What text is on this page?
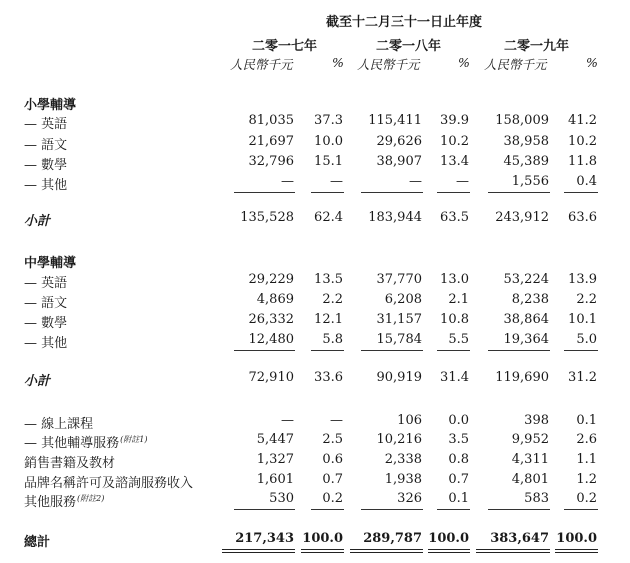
截至十二月三十一日止年度
二零一七年	二零一八年	二零一九年
人民幣千元	% 人民幣千元	% 人民幣千元	%
小學輔導
— 英語	81,035 37.3 115,411 39.9 158,009 41.2
— 語文	21,697 10.0	29,626 10.2	38,958 10.2
— 數學	32,796 15.1	38,907 13.4	45,389 11.8
— 其他	—	—	—	—	1,556 0.4
小計	135,528 62.4 183,944 63.5 243,912 63.6
中學輔導
— 英語	29,229 13.5	37,770 13.0	53,224 13.9
— 語文	4,869 2.2	6,208 2.1	8,238 2.2
— 數學	26,332 12.1	31,157 10.8	38,864 10.1
— 其他	12,480 5.8	15,784 5.5	19,364 5.0
小計	72,910 33.6	90,919 31.4 119,690 31.2
— 線上課程	—	—	106 0.0	398 0.1
— 其他輔導服務$^{(附註1)}$	5,447 2.5	10,216 3.5	9,952 2.6
銷售書籍及教材	1,327 0.6	2,338 0.8	4,311 1.1
品牌名稱許可及諮詢服務收入	1,601 0.7	1,938 0.7	4,801 1.2
其他服務$^{(附註2)}$	530 0.2	326 0.1	583 0.2
總計	217,343 100.0 289,787 100.0 383,647 100.0
